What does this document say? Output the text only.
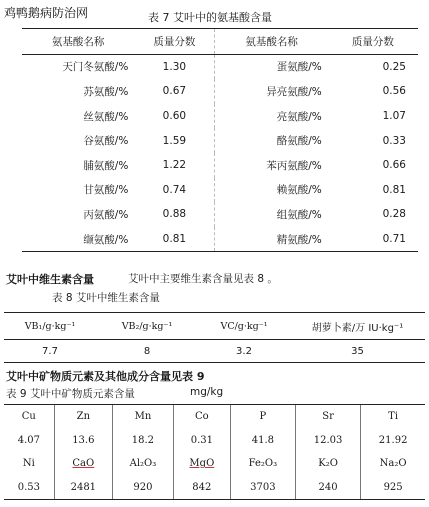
鸡鸭鹅病防治网	表 7 艾叶中的氨基酸含量
氨基酸名称	质量分数	氨基酸名称	质量分数
天门冬氨酸/%	1.30	蛋氨酸/%	0.25
苏氨酸/%	0.67	异亮氨酸/%	0.56
丝氨酸/%	0.60	亮氨酸/%	1.07
谷氨酸/%	1.59	酪氨酸/%	0.33
脯氨酸/%	1.22	苯丙氨酸/%	0.66
甘氨酸/%	0.74	赖氨酸/%	0.81
丙氨酸/%	0.88	组氨酸/%	0.28
缬氨酸/%	0.81	精氨酸/%	0.71
艾叶中维生素含量	艾叶中主要维生素含量见表 8 。
表 8 艾叶中维生素含量
VB₁/g·kg⁻¹	VB₂/g·kg⁻¹	VC/g·kg⁻¹	胡萝卜素/万 IU·kg⁻¹
7.7	8	3.2	35
艾叶中矿物质元素及其他成分含量见表 9
表 9 艾叶中矿物质元素含量	mg/kg
Cu	Zn	Mn	Co	P	Sr	Ti
4.07	13.6	18.2	0.31	41.8	12.03	21.92
Ni	CaO	Al₂O₃	MgO	Fe₂O₃	K₂O	Na₂O
0.53	2481	920	842	3703	240	925
